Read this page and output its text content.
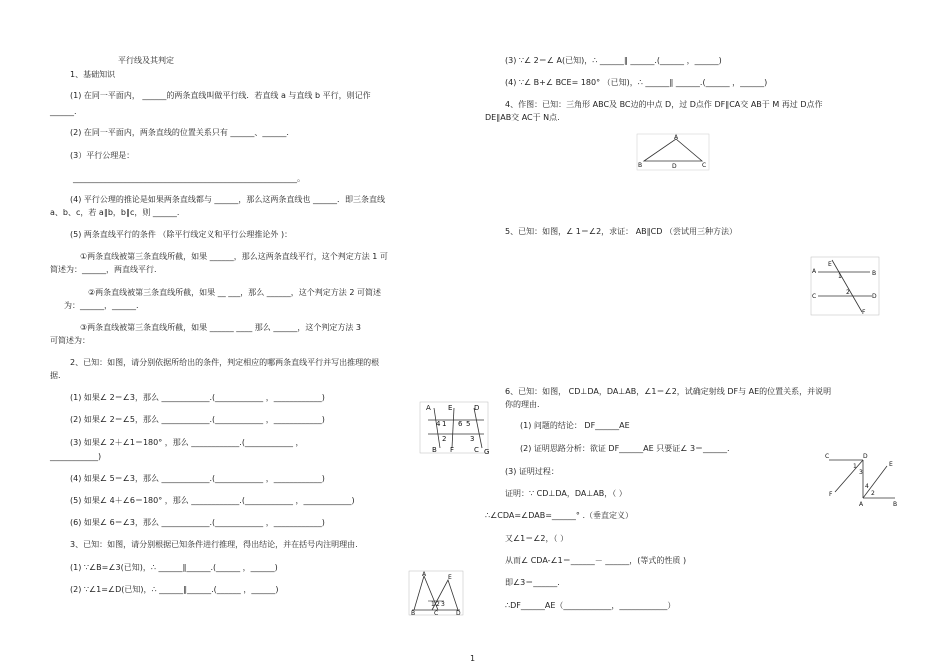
平行线及其判定
1、基础知识
(1) 在同一平面内， ______的两条直线叫做平行线．若直线 a 与直线 b 平行，则记作
______.
(2) 在同一平面内，两条直线的位置关系只有 ______、______.
(3）平行公理是：
________________________________________________________。
(4) 平行公理的推论是如果两条直线都与 ______，那么这两条直线也 ______．即三条直线
a、b、c，若 a∥b，b∥c，则 ______.
(5) 两条直线平行的条件 （除平行线定义和平行公理推论外 )：
①两条直线被第三条直线所截，如果 ______，那么这两条直线平行，这个判定方法 1 可
简述为：______，两直线平行.
②两条直线被第三条直线所截，如果 __ ___，那么 ______，这个判定方法 2 可简述
为：______，______.
③两条直线被第三条直线所截，如果 ______ ____ 那么 ______，这个判定方法 3
可简述为：
2、已知：如图，请分别依据所给出的条件，判定相应的哪两条直线平行并写出推理的根
据.
(1) 如果∠ 2＝∠3，那么 ____________.(____________ ，____________)
(2) 如果∠ 2＝∠5，那么 ____________.(____________ ，____________)
(3) 如果∠ 2＋∠1＝180° ，那么 ____________.(____________ ，
____________)
(4) 如果∠ 5＝∠3，那么 ____________.(____________ ，____________)
(5) 如果∠ 4＋∠6＝180° ，那么 ____________.(____________ ，____________)
(6) 如果∠ 6＝∠3，那么 ____________.(____________ ，____________)
3、已知：如图，请分别根据已知条件进行推理，得出结论，并在括号内注明理由.
(1) ∵∠B=∠3(已知)，∴ ______∥______.(______ ，______)
(2) ∵∠1=∠D(已知)，∴ ______∥______.(______ ，______)
(3) ∵∠ 2＝∠ A(已知)，∴ ______∥ ______.(______ ，______)
(4) ∵∠ B+∠ BCE= 180° （已知)，∴ ______∥ ______.(______ ，______)
4、作图：已知：三角形 ABC及 BC边的中点 D，过 D点作 DF∥CA交 AB于 M 再过 D点作
DE∥AB交 AC于 N点.
5、已知：如图，∠ 1＝∠2，求证： AB∥CD （尝试用三种方法）
6、已知：如图， CD⊥DA，DA⊥AB，∠1＝∠2，试确定射线 DF与 AE的位置关系，并说明
你的理由.
(1) 问题的结论： DF______AE
(2) 证明思路分析：欲证 DF______AE 只要证∠ 3＝______.
(3) 证明过程：
证明：∵ CD⊥DA，DA⊥AB，（ ）
∴∠CDA=∠DAB=______° .（垂直定义）
又∠1＝∠2，（ ）
从而∠ CDA-∠1＝______－ ______，(等式的性质 )
即∠3＝______.
∴DF______AE（____________，____________）
A E	D
B F	C G
4 1 6 5
2	3
A
B	C	D
E
1 2 3
A
B	C
D
A	B
C	D
E
F
1
2
C	D
1
3
E
4
F
A
2
B
1
